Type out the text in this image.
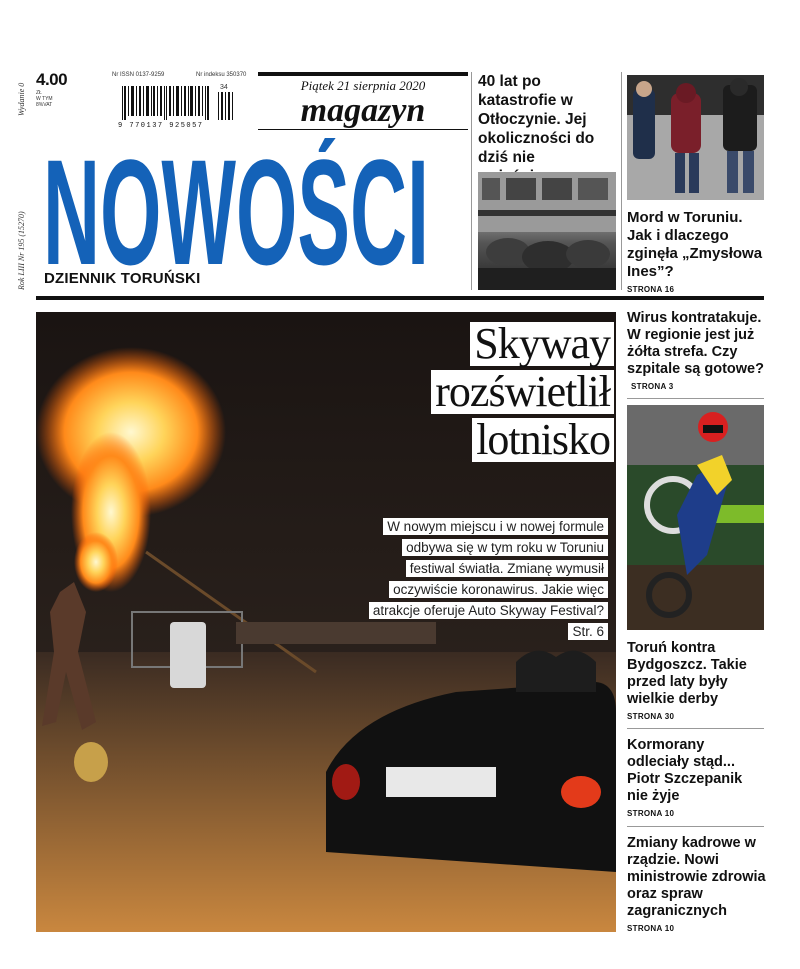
Wydanie 0
Rok LIII Nr 195 (15270)
4.00
ZŁ
W TYM
8%VAT
Nr ISSN 0137-9259	Nr indeksu 350370
9 770137 925057
34	Piątek 21 sierpnia 2020
magazyn
NOWOŚCI
DZIENNIK TORUŃSKI
40 lat po katastrofie w Otłoczynie. Jej okoliczności do dziś nie
Mord w Toruniu. Jak i dlaczego zginęła „Zmysłowa Ines”?
STRONA 16
Skyway
rozświetlił
lotnisko
W nowym miejscu i w nowej formule odbywa się w tym roku w Toruniu festiwal światła. Zmianę wymusił oczywiście koronawirus. Jakie więc atrakcje oferuje Auto Skyway Festival? Str. 6
Wirus kontratakuje. W regionie jest już żółta strefa. Czy szpitale są gotowe?
STRONA 3
Toruń kontra Bydgoszcz. Takie przed laty były wielkie derby
STRONA 30
Kormorany odleciały stąd... Piotr Szczepanik nie żyje
STRONA 10
Zmiany kadrowe w rządzie. Nowi ministrowie zdrowia oraz spraw zagranicznych
STRONA 10
